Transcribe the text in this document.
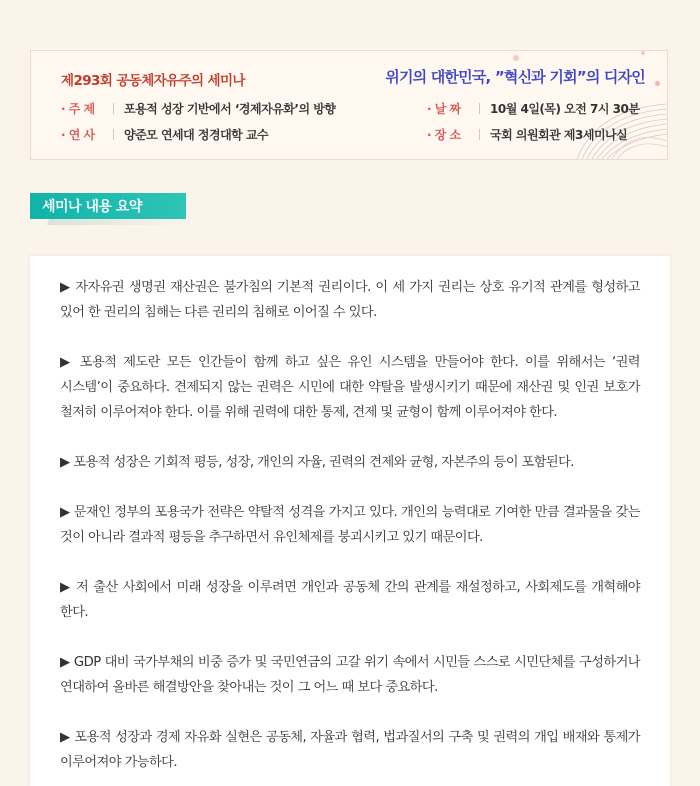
제293회 공동체자유주의 세미나	위기의 대한민국, ”혁신과 기회”의 디자인
· 주 제	포용적 성장 기반에서 ‘경제자유화’의 방향
· 연 사	양준모 연세대 정경대학 교수
· 날 짜	10월 4일(목) 오전 7시 30분
· 장 소	국회 의원회관 제3세미나실
세미나 내용 요약

▶ 자자유권 생명권 재산권은 불가침의 기본적 권리이다. 이 세 가지 권리는 상호 유기적 관계를 형성하고 있어 한 권리의 침해는 다른 권리의 침해로 이어질 수 있다.

▶ 포용적 제도란 모든 인간들이 함께 하고 싶은 유인 시스템을 만들어야 한다. 이를 위해서는 ‘권력 시스템’이 중요하다. 견제되지 않는 권력은 시민에 대한 약탈을 발생시키기 때문에 재산권 및 인권 보호가 철저히 이루어져야 한다. 이를 위해 권력에 대한 통제, 견제 및 균형이 함께 이루어져야 한다.

▶ 포용적 성장은 기회적 평등, 성장, 개인의 자율, 권력의 견제와 균형, 자본주의 등이 포함된다.

▶ 문재인 정부의 포용국가 전략은 약탈적 성격을 가지고 있다. 개인의 능력대로 기여한 만큼 결과물을 갖는 것이 아니라 결과적 평등을 추구하면서 유인체제를 붕괴시키고 있기 때문이다.

▶ 저 출산 사회에서 미래 성장을 이루려면 개인과 공동체 간의 관계를 재설정하고, 사회제도를 개혁해야 한다.

▶ GDP 대비 국가부채의 비중 증가 및 국민연금의 고갈 위기 속에서 시민들 스스로 시민단체를 구성하거나 연대하여 올바른 해결방안을 찾아내는 것이 그 어느 때 보다 중요하다.

▶ 포용적 성장과 경제 자유화 실현은 공동체, 자율과 협력, 법과질서의 구축 및 권력의 개입 배재와 통제가 이루어져야 가능하다.
